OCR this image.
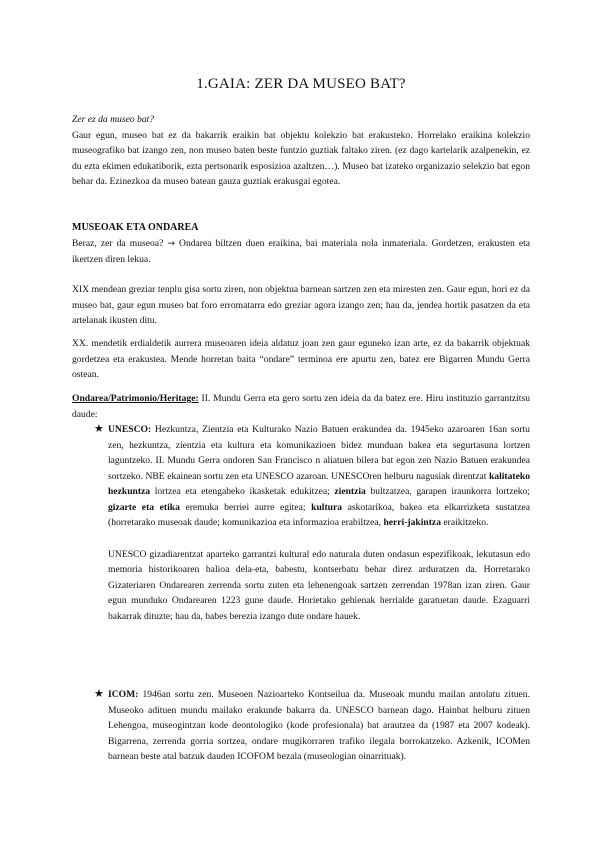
1.GAIA: ZER DA MUSEO BAT?

Zer ez da museo bat?

Gaur egun, museo bat ez da bakarrik eraikin bat objektu kolekzio bat erakusteko. Horrelako eraikina kolekzio museografiko bat izango zen, non museo baten beste funtzio guztiak faltako ziren. (ez dago kartelarik azalpenekin, ez du ezta ekimen edukatiborik, ezta pertsonarik esposizioa azaltzen…). Museo bat izateko organizazio selekzio bat egon behar da. Ezinezkoa da museo batean gauza guztiak erakusgai egotea.

MUSEOAK ETA ONDAREA

Beraz, zer da museoa? → Ondarea biltzen duen eraikina, bai materiala nola inmateriala. Gordetzen, erakusten eta ikertzen diren lekua.

XIX mendean greziar tenplu gisa sortu ziren, non objektua barnean sartzen zen eta miresten zen. Gaur egun, hori ez da museo bat, gaur egun museo bat foro erromatarra edo greziar agora izango zen; hau da, jendea hortik pasatzen da eta artelanak ikusten ditu.

XX. mendetik erdialdetik aurrera museoaren ideia aldatuz joan zen gaur eguneko izan arte, ez da bakarrik objektuak gordetzea eta erakustea. Mende horretan baita “ondare” terminoa ere apurtu zen, batez ere Bigarren Mundu Gerra ostean.

Ondarea/Patrimonio/Heritage: II. Mundu Gerra eta gero sortu zen ideia da da batez ere. Hiru instituzio garrantzitsu daude:

★ UNESCO: Hezkuntza, Zientzia eta Kulturako Nazio Batuen erakundea da. 1945eko azaroaren 16an sortu zen, hezkuntza, zientzia eta kultura eta komunikazioen bidez munduan bakea eta segurtasuna lortzen laguntzeko. II. Mundu Gerra ondoren San Francisco n aliatuen bilera bat egon zen Nazio Batuen erakundea sortzeko. NBE ekainean sortu zen eta UNESCO azaroan. UNESCOren helburu nagusiak direntzat kalitateko hezkuntza lortzea eta etengabeko ikasketak edukitzea; zientzia bultzatzea, garapen iraunkorra lortzeko; gizarte eta etika eremuka berriei aurre egitea; kultura askotarikoa, bakea eta elkarrizketa sustatzea (horretarako museoak daude; komunikazioa eta informazioa erabiltzea, herri-jakintza eraikitzeko.

UNESCO gizadiarentzat aparteko garrantzi kultural edo naturala duten ondasun espezifikoak, lekutasun edo memoria historikoaren balioa dela-eta, babestu, kontserbatu behar direz arduratzen da. Horretarako Gizateriaren Ondarearen zerrenda sortu zuten eta lehenengoak sartzen zerrendan 1978an izan ziren. Gaur egun munduko Ondarearen 1223 gune daude. Horietako gehienak herrialde garatuetan daude. Ezaguarri bakarrak dituzte; hau da, babes berezia izango dute ondare hauek.

★ ICOM: 1946an sortu zen. Museoen Nazioarteko Kontseilua da. Museoak mundu mailan antolatu zituen. Museoko adituen mundu mailako erakunde bakarra da. UNESCO barnean dago. Hainbat helburu zituen Lehengoa, museogintzan kode deontologiko (kode profesionala) bat arautzea da (1987 eta 2007 kodeak). Bigarrena, zerrenda gorria sortzea, ondare mugikorraren trafiko ilegala borrokatzeko. Azkenik, ICOMen barnean beste atal batzuk dauden ICOFOM bezala (museologian oinarrituak).
